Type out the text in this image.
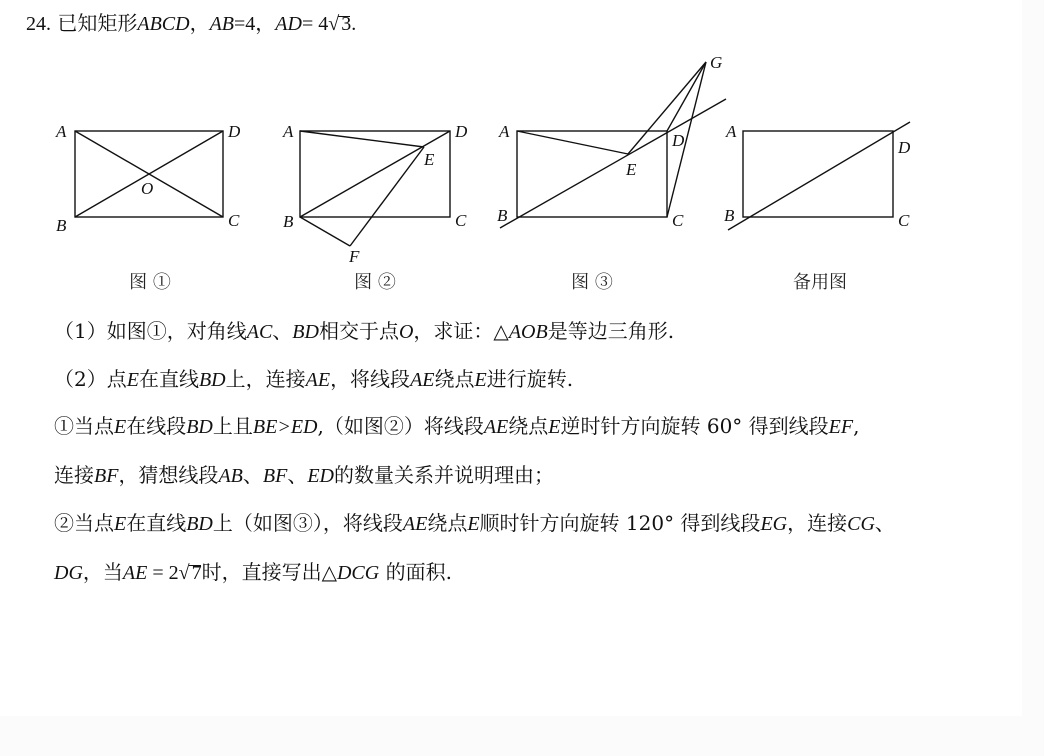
24. 已知矩形ABCD，AB=4，AD= 4√ 3.
A
B	C
D
O
图 ①
A
B	C
D
E
F
图 ②
A
B	C
D
E
G
图 ③
A
B	C
D
备用图
（1）如图①，对角线AC、BD相交于点O，求证：△AOB是等边三角形.
（2）点E在直线BD上，连接AE，将线段AE绕点E进行旋转.
①当点E在线段BD上且BE>ED,（如图②）将线段AE绕点E逆时针方向旋转 60° 得到线段EF,
连接BF，猜想线段AB、BF、ED的数量关系并说明理由；
②当点E在直线BD上（如图③），将线段AE绕点E顺时针方向旋转 120° 得到线段EG，连接CG、
DG，当AE = 2√ 7时，直接写出△DCG 的面积.
